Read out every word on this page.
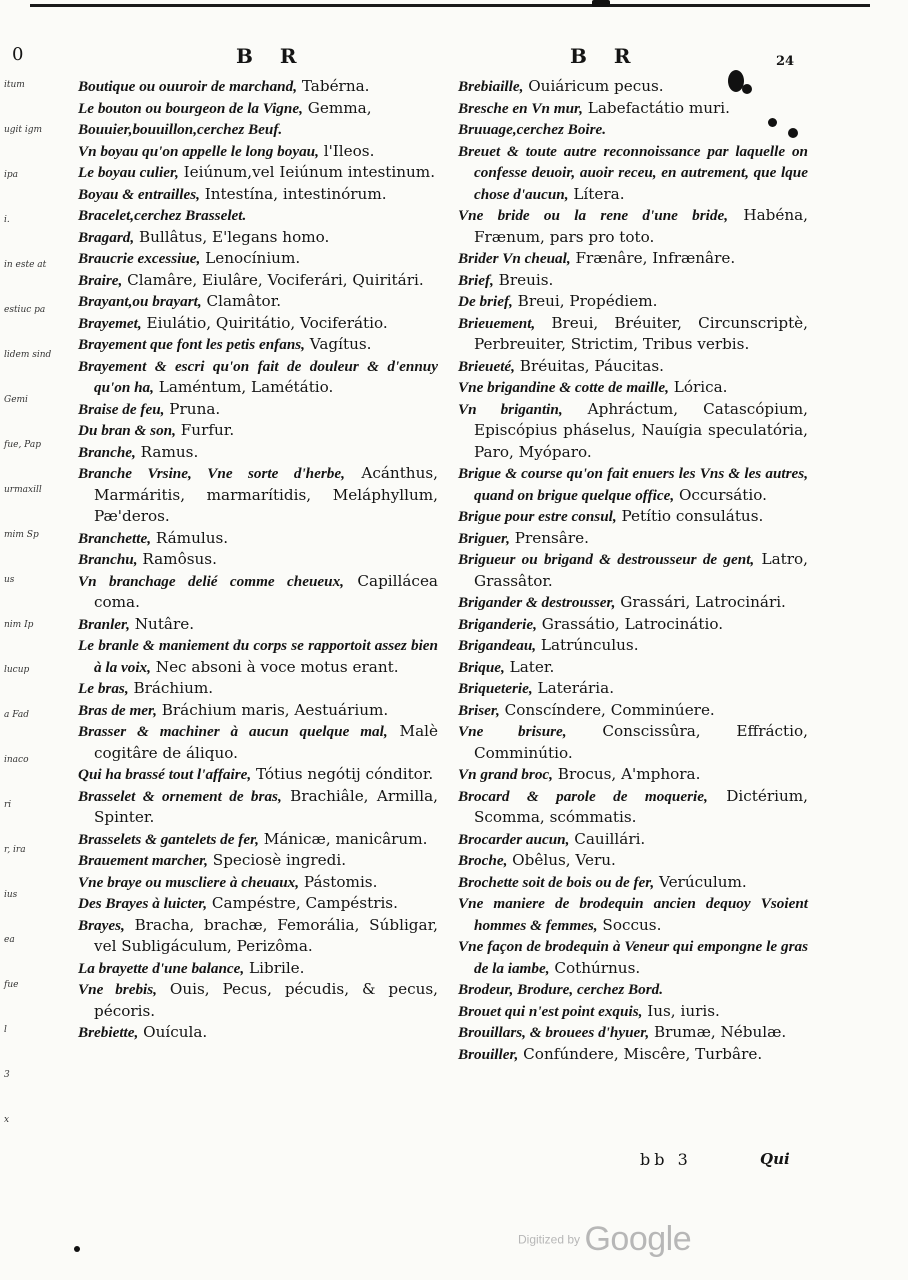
0	B R	B R	24
itum
ugit igm
ipa
i.
in este at
estiuc pa
lidem sind
Gemi
fue, Pap
urmaxill
mim Sp
us
nim Ip
lucup
a Fad
inaco
ri
r, ira
ius
ea
fue
l
3
x

Boutique ou ouuroir de marchand, Tabérna.

Le bouton ou bourgeon de la Vigne, Gemma,

Bouuier,bouuillon,cerchez Beuf.

Vn boyau qu'on appelle le long boyau, l'Ileos.

Le boyau culier, Ieiúnum,vel Ieiúnum intestinum.

Boyau & entrailles, Intestína, intestinórum.

Bracelet,cerchez Brasselet.

Bragard, Bullâtus, E'legans homo.

Braucrie excessiue, Lenocínium.

Braire, Clamâre, Eiulâre, Vociferári, Quiritári.

Brayant,ou brayart, Clamâtor.

Brayemet, Eiulátio, Quiritátio, Vociferátio.

Brayement que font les petis enfans, Vagítus.

Brayement & escri qu'on fait de douleur & d'ennuy qu'on ha, Laméntum, Lamétátio.

Braise de feu, Pruna.

Du bran & son, Furfur.

Branche, Ramus.

Branche Vrsine, Vne sorte d'herbe, Acánthus, Marmáritis, marmarítidis, Meláphyllum, Pæ'deros.

Branchette, Rámulus.

Branchu, Ramôsus.

Vn branchage delié comme cheueux, Capilláceа coma.

Branler, Nutâre.

Le branle & maniement du corps se rapportoit assez bien à la voix, Nec absoni à voce motus erant.

Le bras, Bráchium.

Bras de mer, Bráchium maris, Aestuárium.

Brasser & machiner à aucun quelque mal, Malè cogitâre de áliquo.

Qui ha brassé tout l'affaire, Tótius negótij cónditor.

Brasselet & ornement de bras, Brachiâle, Armilla, Spinter.

Brasselets & gantelets de fer, Mánicæ, manicârum.

Brauement marcher, Speciosè ingredi.

Vne braye ou muscliere à cheuaux, Pástomis.

Des Brayes à luicter, Campéstre, Campéstris.

Brayes, Bracha, brachæ, Femorália, Súbligar, vel Subligáculum, Perizôma.

La brayette d'une balance, Librile.

Vne brebis, Ouis, Pecus, pécudis, & pecus, pécoris.

Brebiette, Ouícula.

Brebiaille, Ouiáricum pecus.

Bresche en Vn mur, Labefactátio muri.

Bruuage,cerchez Boire.

Breuet & toute autre reconnoissance par laquelle on confesse deuoir, auoir receu, en autrement, que lque chose d'aucun, Lítera.

Vne bride ou la rene d'une bride, Habéna, Frænum, pars pro toto.

Brider Vn cheual, Frænâre, Infrænâre.

Brief, Breuis.

De brief, Breui, Propédiem.

Brieuement, Breui, Bréuiter, Circunscriptè, Perbreuiter, Strictim, Tribus verbis.

Brieueté, Bréuitas, Páucitas.

Vne brigandine & cotte de maille, Lórica.

Vn brigantin, Aphráctum, Catascópium, Episcópius pháselus, Nauígia speculatória, Paro, Myóparo.

Brigue & course qu'on fait enuers les Vns & les autres, quand on brigue quelque office, Occursátio.

Brigue pour estre consul, Petítio consulátus.

Briguer, Prensâre.

Brigueur ou brigand & destrousseur de gent, Latro, Grassâtor.

Brigander & destrousser, Grassári, Latrocinári.

Briganderie, Grassátio, Latrocinátio.

Brigandeau, Latrúnculus.

Brique, Later.

Briqueterie, Laterária.

Briser, Conscíndere, Comminúere.

Vne brisure, Conscissûra, Effráctio, Comminútio.

Vn grand broc, Brocus, A'mphora.

Brocard & parole de moquerie, Dictérium, Scomma, scómmatis.

Brocarder aucun, Cauillári.

Broche, Obêlus, Veru.

Brochette soit de bois ou de fer, Verúculum.

Vne maniere de brodequin ancien dequoy Vsoient hommes & femmes, Soccus.

Vne façon de brodequin à Veneur qui empongne le gras de la iambe, Cothúrnus.

Brodeur, Brodure, cerchez Bord.

Brouet qui n'est point exquis, Ius, iuris.

Brouillars, & brouees d'hyuer, Brumæ, Nébulæ.

Brouiller, Confúndere, Miscêre, Turbâre.

bb 3	Qui
Digitized by Google
